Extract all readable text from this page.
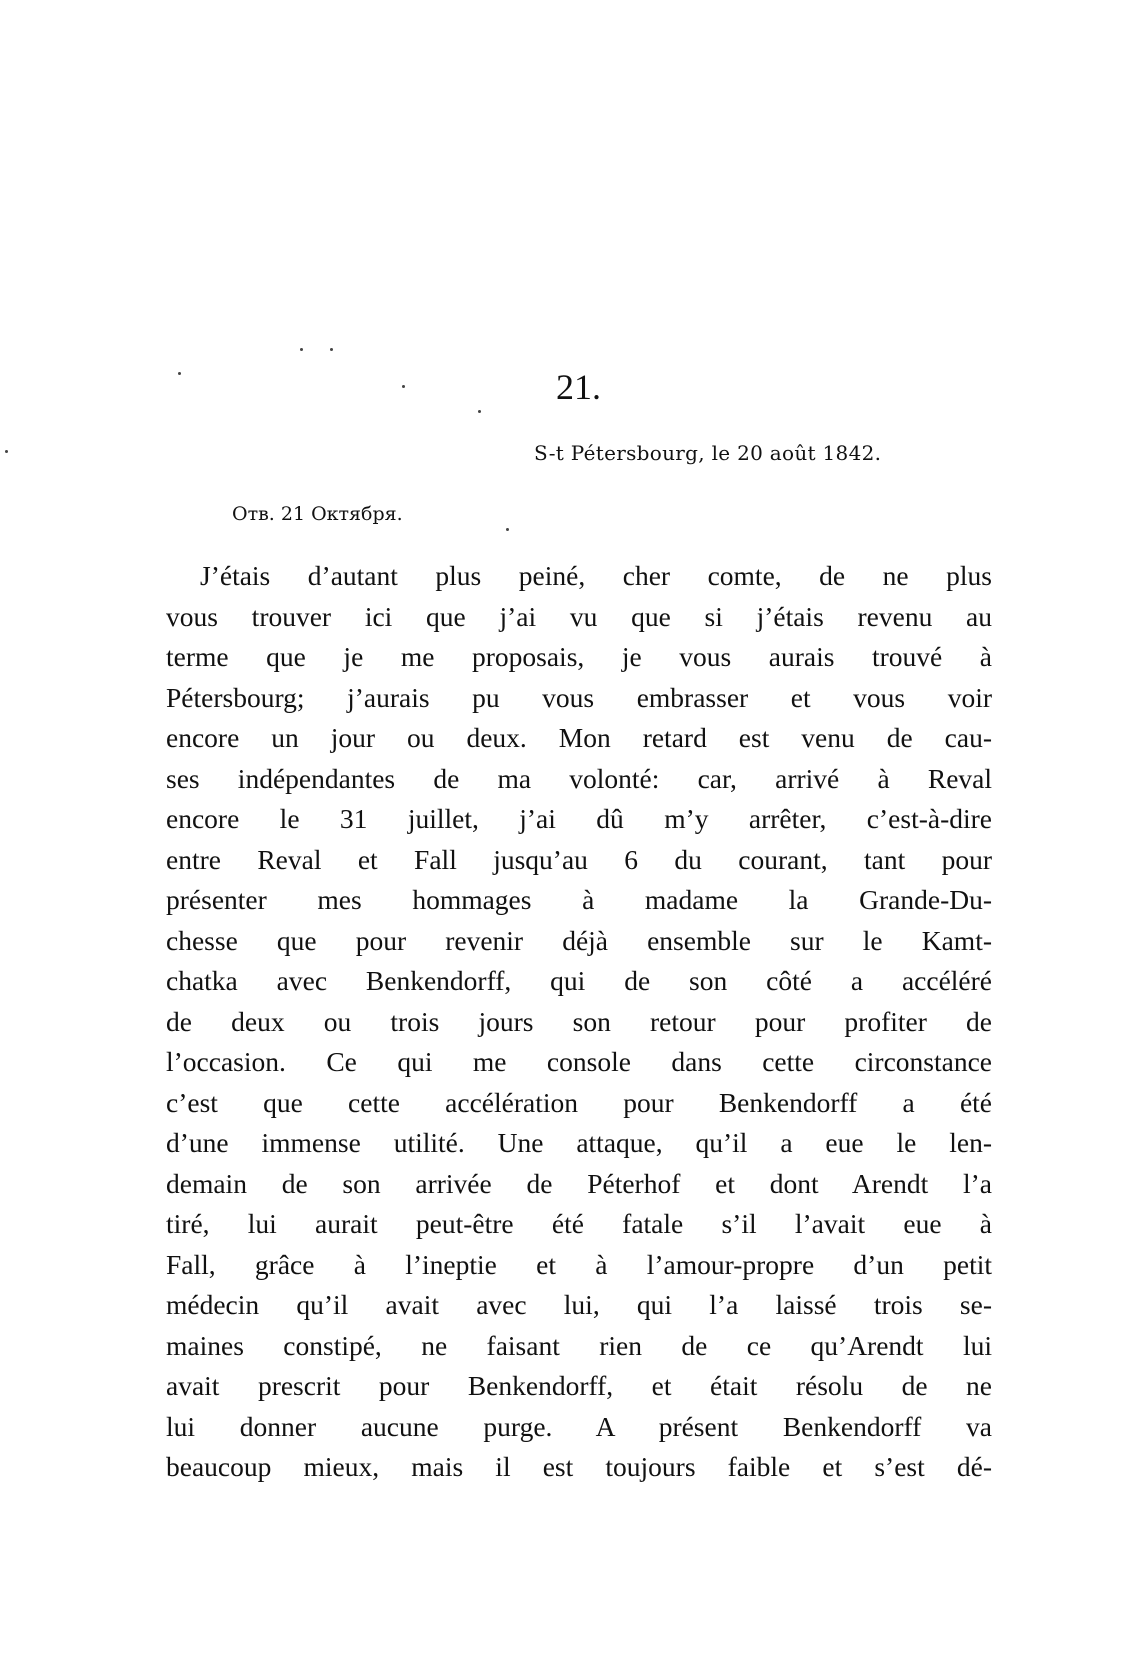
21.
S-t Pétersbourg, le 20 août 1842.
Отв. 21 Октября.
J’étais d’autant plus peiné, cher comte, de ne plus
vous trouver ici que j’ai vu que si j’étais revenu au
terme que je me proposais, je vous aurais trouvé à
Pétersbourg; j’aurais pu vous embrasser et vous voir
encore un jour ou deux. Mon retard est venu de cau-
ses indépendantes de ma volonté: car, arrivé à Reval
encore le 31 juillet, j’ai dû m’y arrêter, c’est-à-dire
entre Reval et Fall jusqu’au 6 du courant, tant pour
présenter mes hommages à madame la Grande-Du-
chesse que pour revenir déjà ensemble sur le Kamt-
chatka avec Benkendorff, qui de son côté a accéléré
de deux ou trois jours son retour pour profiter de
l’occasion. Ce qui me console dans cette circonstance
c’est que cette accélération pour Benkendorff a été
d’une immense utilité. Une attaque, qu’il a eue le len-
demain de son arrivée de Péterhof et dont Arendt l’a
tiré, lui aurait peut-être été fatale s’il l’avait eue à
Fall, grâce à l’ineptie et à l’amour-propre d’un petit
médecin qu’il avait avec lui, qui l’a laissé trois se-
maines constipé, ne faisant rien de ce qu’Arendt lui
avait prescrit pour Benkendorff, et était résolu de ne
lui donner aucune purge. A présent Benkendorff va
beaucoup mieux, mais il est toujours faible et s’est dé-
